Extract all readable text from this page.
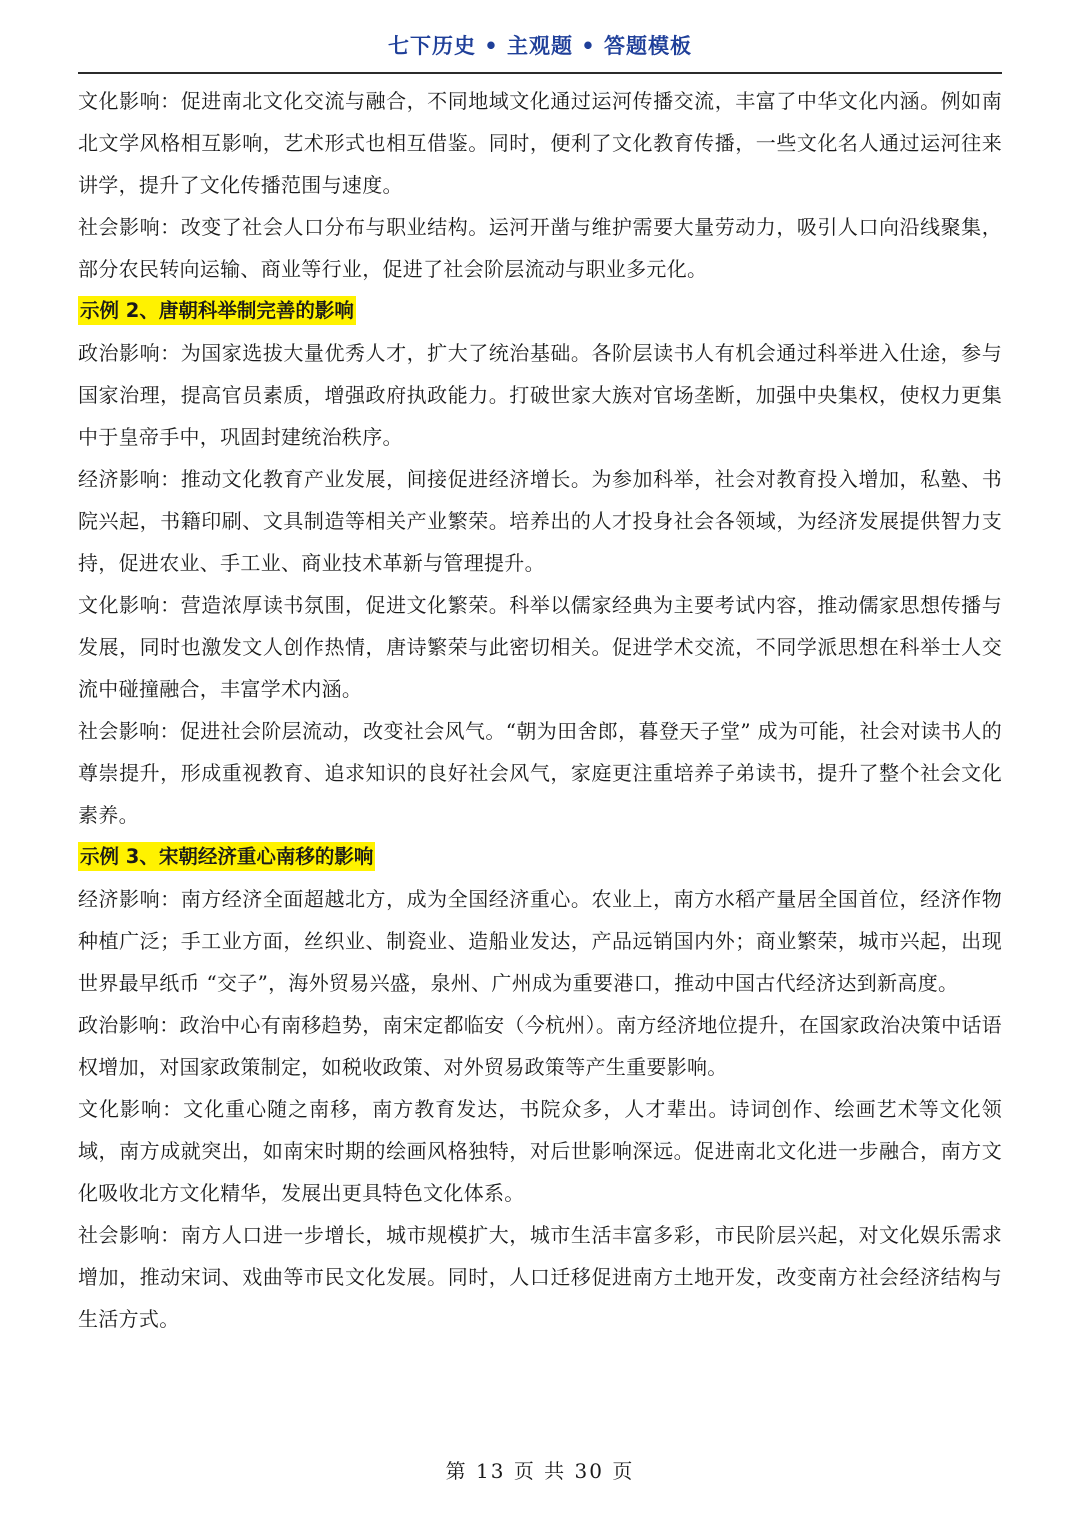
七下历史 • 主观题 • 答题模板

文化影响：促进南北文化交流与融合，不同地域文化通过运河传播交流，丰富了中华文化内涵。例如南北文学风格相互影响，艺术形式也相互借鉴。同时，便利了文化教育传播，一些文化名人通过运河往来讲学，提升了文化传播范围与速度。

社会影响：改变了社会人口分布与职业结构。运河开凿与维护需要大量劳动力，吸引人口向沿线聚集，部分农民转向运输、商业等行业，促进了社会阶层流动与职业多元化。

示例 2、唐朝科举制完善的影响

政治影响：为国家选拔大量优秀人才，扩大了统治基础。各阶层读书人有机会通过科举进入仕途，参与国家治理，提高官员素质，增强政府执政能力。打破世家大族对官场垄断，加强中央集权，使权力更集中于皇帝手中，巩固封建统治秩序。

经济影响：推动文化教育产业发展，间接促进经济增长。为参加科举，社会对教育投入增加，私塾、书院兴起，书籍印刷、文具制造等相关产业繁荣。培养出的人才投身社会各领域，为经济发展提供智力支持，促进农业、手工业、商业技术革新与管理提升。

文化影响：营造浓厚读书氛围，促进文化繁荣。科举以儒家经典为主要考试内容，推动儒家思想传播与发展，同时也激发文人创作热情，唐诗繁荣与此密切相关。促进学术交流，不同学派思想在科举士人交流中碰撞融合，丰富学术内涵。

社会影响：促进社会阶层流动，改变社会风气。“朝为田舍郎，暮登天子堂” 成为可能，社会对读书人的尊崇提升，形成重视教育、追求知识的良好社会风气，家庭更注重培养子弟读书，提升了整个社会文化素养。

示例 3、宋朝经济重心南移的影响

经济影响：南方经济全面超越北方，成为全国经济重心。农业上，南方水稻产量居全国首位，经济作物种植广泛；手工业方面，丝织业、制瓷业、造船业发达，产品远销国内外；商业繁荣，城市兴起，出现世界最早纸币 “交子”，海外贸易兴盛，泉州、广州成为重要港口，推动中国古代经济达到新高度。

政治影响：政治中心有南移趋势，南宋定都临安（今杭州）。南方经济地位提升，在国家政治决策中话语权增加，对国家政策制定，如税收政策、对外贸易政策等产生重要影响。

文化影响：文化重心随之南移，南方教育发达，书院众多，人才辈出。诗词创作、绘画艺术等文化领域，南方成就突出，如南宋时期的绘画风格独特，对后世影响深远。促进南北文化进一步融合，南方文化吸收北方文化精华，发展出更具特色文化体系。

社会影响：南方人口进一步增长，城市规模扩大，城市生活丰富多彩，市民阶层兴起，对文化娱乐需求增加，推动宋词、戏曲等市民文化发展。同时，人口迁移促进南方土地开发，改变南方社会经济结构与生活方式。

第 13 页 共 30 页
